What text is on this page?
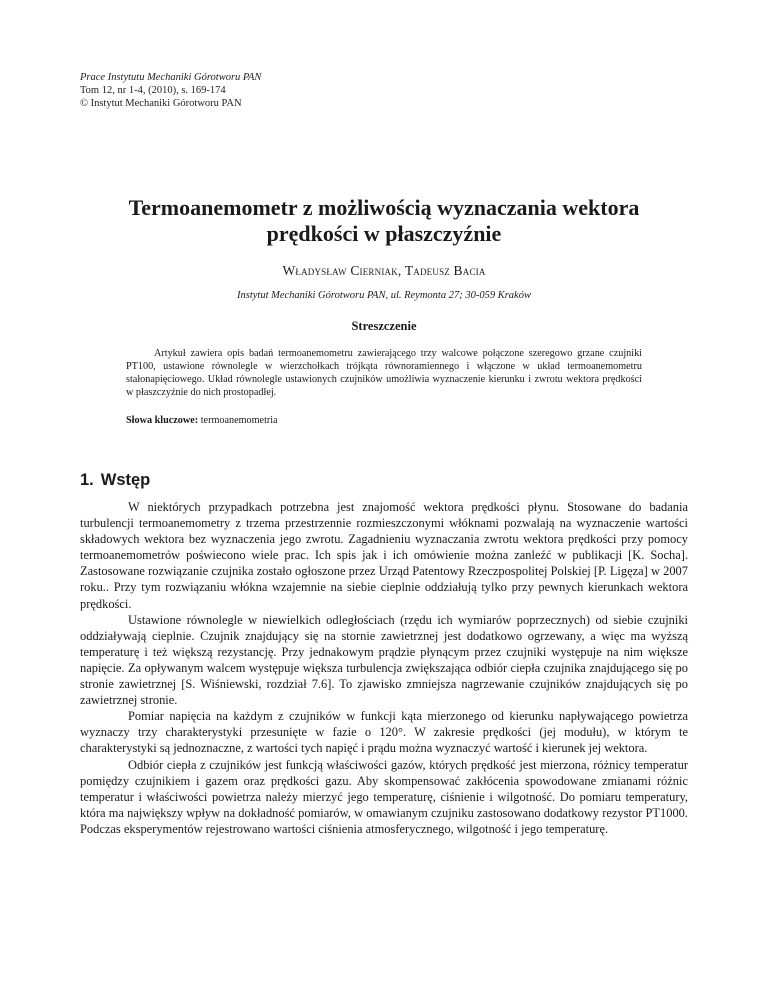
Prace Instytutu Mechaniki Górotworu PAN
Tom 12, nr 1-4, (2010), s. 169-174
© Instytut Mechaniki Górotworu PAN
Termoanemometr z możliwością wyznaczania wektora
prędkości w płaszczyźnie
Władysław Cierniak, Tadeusz Bacia
Instytut Mechaniki Górotworu PAN, ul. Reymonta 27; 30-059 Kraków
Streszczenie

Artykuł zawiera opis badań termoanemometru zawierającego trzy walcowe połączone szeregowo grzane czujniki PT100, ustawione równolegle w wierzchołkach trójkąta równoramiennego i włączone w układ termoanemometru stałonapięciowego. Układ równolegle ustawionych czujników umożliwia wyznaczenie kierunku i zwrotu wektora prędkości w płaszczyźnie do nich prostopadłej.

Słowa kluczowe: termoanemometria
1. Wstęp

W niektórych przypadkach potrzebna jest znajomość wektora prędkości płynu. Stosowane do badania turbulencji termoanemometry z trzema przestrzennie rozmieszczonymi włóknami pozwalają na wyznaczenie wartości składowych wektora bez wyznaczenia jego zwrotu. Zagadnieniu wyznaczania zwrotu wektora prędkości przy pomocy termoanemometrów poświecono wiele prac. Ich spis jak i ich omówienie można zanleźć w publikacji [K. Socha]. Zastosowane rozwiązanie czujnika zostało ogłoszone przez Urząd Patentowy Rzeczpospolitej Polskiej [P. Ligęza] w 2007 roku.. Przy tym rozwiązaniu włókna wzajemnie na siebie cieplnie oddziałują tylko przy pewnych kierunkach wektora prędkości.

Ustawione równolegle w niewielkich odległościach (rzędu ich wymiarów poprzecznych) od siebie czujniki oddziaływają cieplnie. Czujnik znajdujący się na stornie zawietrznej jest dodatkowo ogrzewany, a więc ma wyższą temperaturę i też większą rezystancję. Przy jednakowym prądzie płynącym przez czujniki występuje na nim większe napięcie. Za opływanym walcem występuje większa turbulencja zwiększająca odbiór ciepła czujnika znajdującego się po stronie zawietrznej [S. Wiśniewski, rozdział 7.6]. To zjawisko zmniejsza nagrzewanie czujników znajdujących się po zawietrznej stronie.

Pomiar napięcia na każdym z czujników w funkcji kąta mierzonego od kierunku napływającego powietrza wyznaczy trzy charakterystyki przesunięte w fazie o 120°. W zakresie prędkości (jej modułu), w którym te charakterystyki są jednoznaczne, z wartości tych napięć i prądu można wyznaczyć wartość i kierunek jej wektora.

Odbiór ciepła z czujników jest funkcją właściwości gazów, których prędkość jest mierzona, różnicy temperatur pomiędzy czujnikiem i gazem oraz prędkości gazu. Aby skompensować zakłócenia spowodowane zmianami różnic temperatur i właściwości powietrza należy mierzyć jego temperaturę, ciśnienie i wilgotność. Do pomiaru temperatury, która ma największy wpływ na dokładność pomiarów, w omawianym czujniku zastosowano dodatkowy rezystor PT1000. Podczas eksperymentów rejestrowano wartości ciśnienia atmosferycznego, wilgotność i jego temperaturę.
